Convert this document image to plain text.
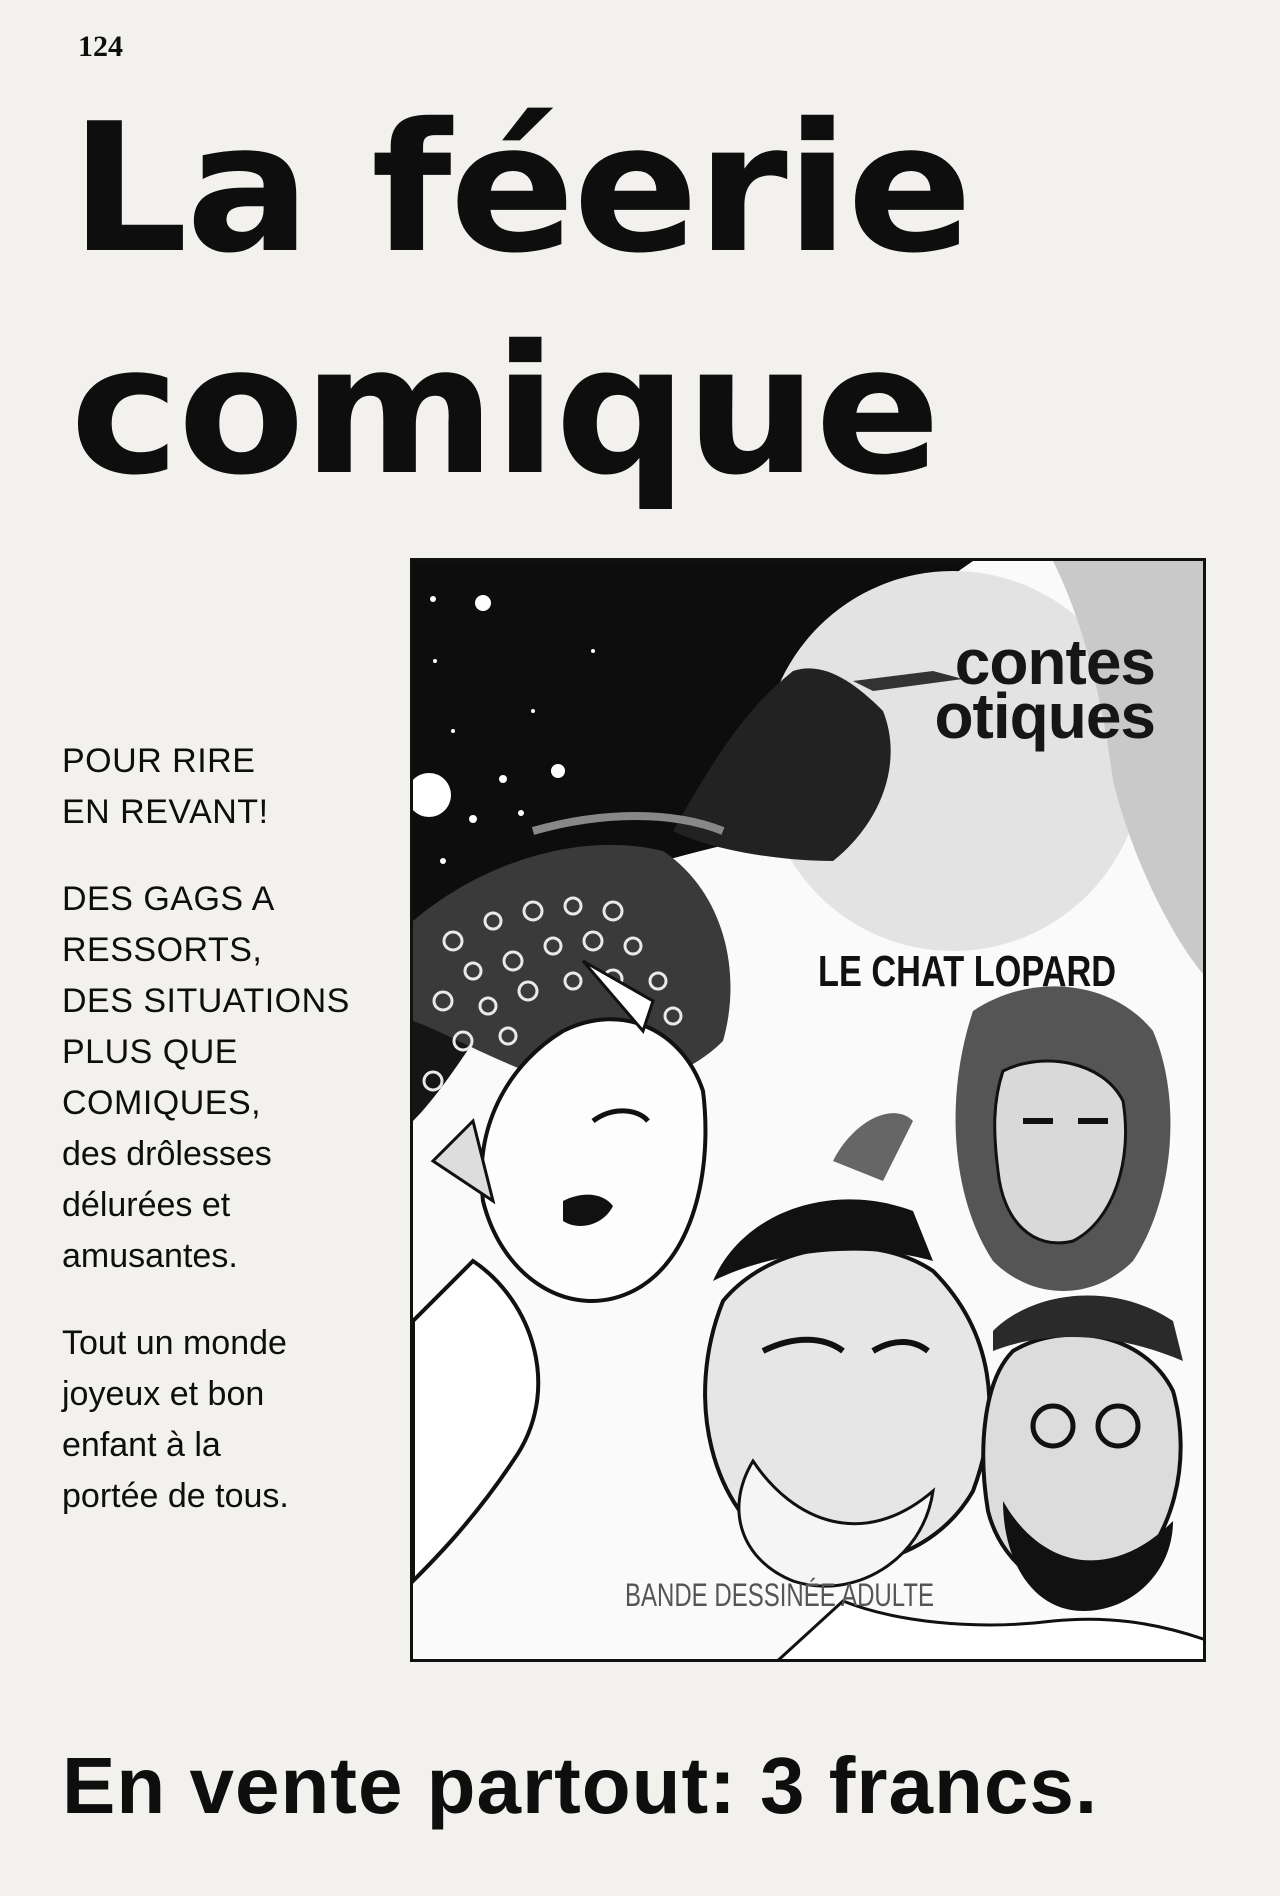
124
La féerie
comique

POUR RIRE
EN REVANT!

DES GAGS A
RESSORTS,
DES SITUATIONS
PLUS QUE
COMIQUES,
des drôlesses
délurées et
amusantes.

Tout un monde
joyeux et bon
enfant à la
portée de tous.

contes
otiques
LE CHAT LOPARD
BANDE DESSINÉE ADULTE

En vente partout: 3 francs.
